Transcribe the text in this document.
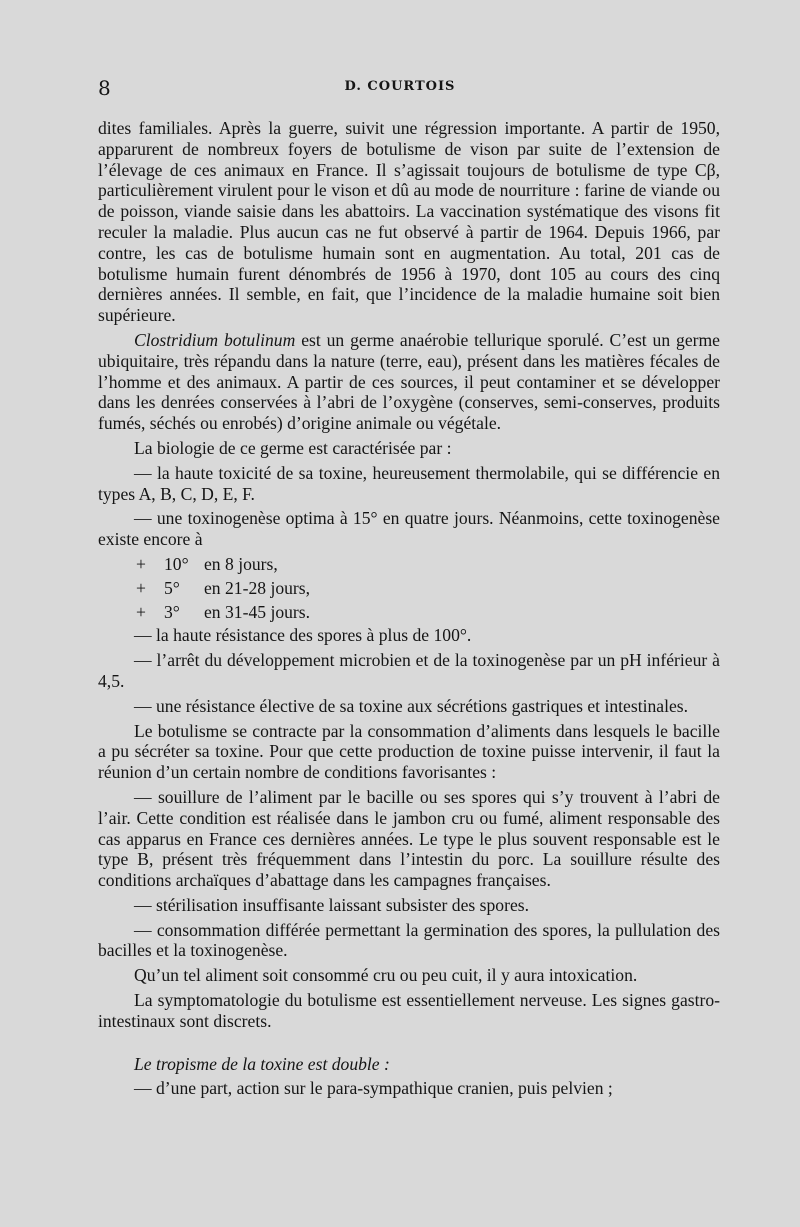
8	D. COURTOIS

dites familiales. Après la guerre, suivit une régression importante. A partir de 1950, apparurent de nombreux foyers de botulisme de vison par suite de l’extension de l’élevage de ces animaux en France. Il s’agissait toujours de botulisme de type Cβ, particulièrement virulent pour le vison et dû au mode de nourriture : farine de viande ou de poisson, viande saisie dans les abattoirs. La vaccination systématique des visons fit reculer la maladie. Plus aucun cas ne fut observé à partir de 1964. Depuis 1966, par contre, les cas de botulisme humain sont en augmentation. Au total, 201 cas de botulisme humain furent dénombrés de 1956 à 1970, dont 105 au cours des cinq dernières années. Il semble, en fait, que l’incidence de la maladie humaine soit bien supérieure.

Clostridium botulinum est un germe anaérobie tellurique sporulé. C’est un germe ubiquitaire, très répandu dans la nature (terre, eau), présent dans les matières fécales de l’homme et des animaux. A partir de ces sources, il peut contaminer et se développer dans les denrées conservées à l’abri de l’oxygène (conserves, semi-conserves, produits fumés, séchés ou enrobés) d’origine animale ou végétale.

La biologie de ce germe est caractérisée par :

— la haute toxicité de sa toxine, heureusement thermolabile, qui se différencie en types A, B, C, D, E, F.

— une toxinogenèse optima à 15° en quatre jours. Néanmoins, cette toxinogenèse existe encore à

+ 10° en 8 jours,
+ 5° en 21-28 jours,
+ 3° en 31-45 jours.

— la haute résistance des spores à plus de 100°.

— l’arrêt du développement microbien et de la toxinogenèse par un pH inférieur à 4,5.

— une résistance élective de sa toxine aux sécrétions gastriques et intestinales.

Le botulisme se contracte par la consommation d’aliments dans lesquels le bacille a pu sécréter sa toxine. Pour que cette production de toxine puisse intervenir, il faut la réunion d’un certain nombre de conditions favorisantes :

— souillure de l’aliment par le bacille ou ses spores qui s’y trouvent à l’abri de l’air. Cette condition est réalisée dans le jambon cru ou fumé, aliment responsable des cas apparus en France ces dernières années. Le type le plus souvent responsable est le type B, présent très fréquemment dans l’intestin du porc. La souillure résulte des conditions archaïques d’abattage dans les campagnes françaises.

— stérilisation insuffisante laissant subsister des spores.

— consommation différée permettant la germination des spores, la pullulation des bacilles et la toxinogenèse.

Qu’un tel aliment soit consommé cru ou peu cuit, il y aura intoxication.

La symptomatologie du botulisme est essentiellement nerveuse. Les signes gastro-intestinaux sont discrets.

Le tropisme de la toxine est double :

— d’une part, action sur le para-sympathique cranien, puis pelvien ;
